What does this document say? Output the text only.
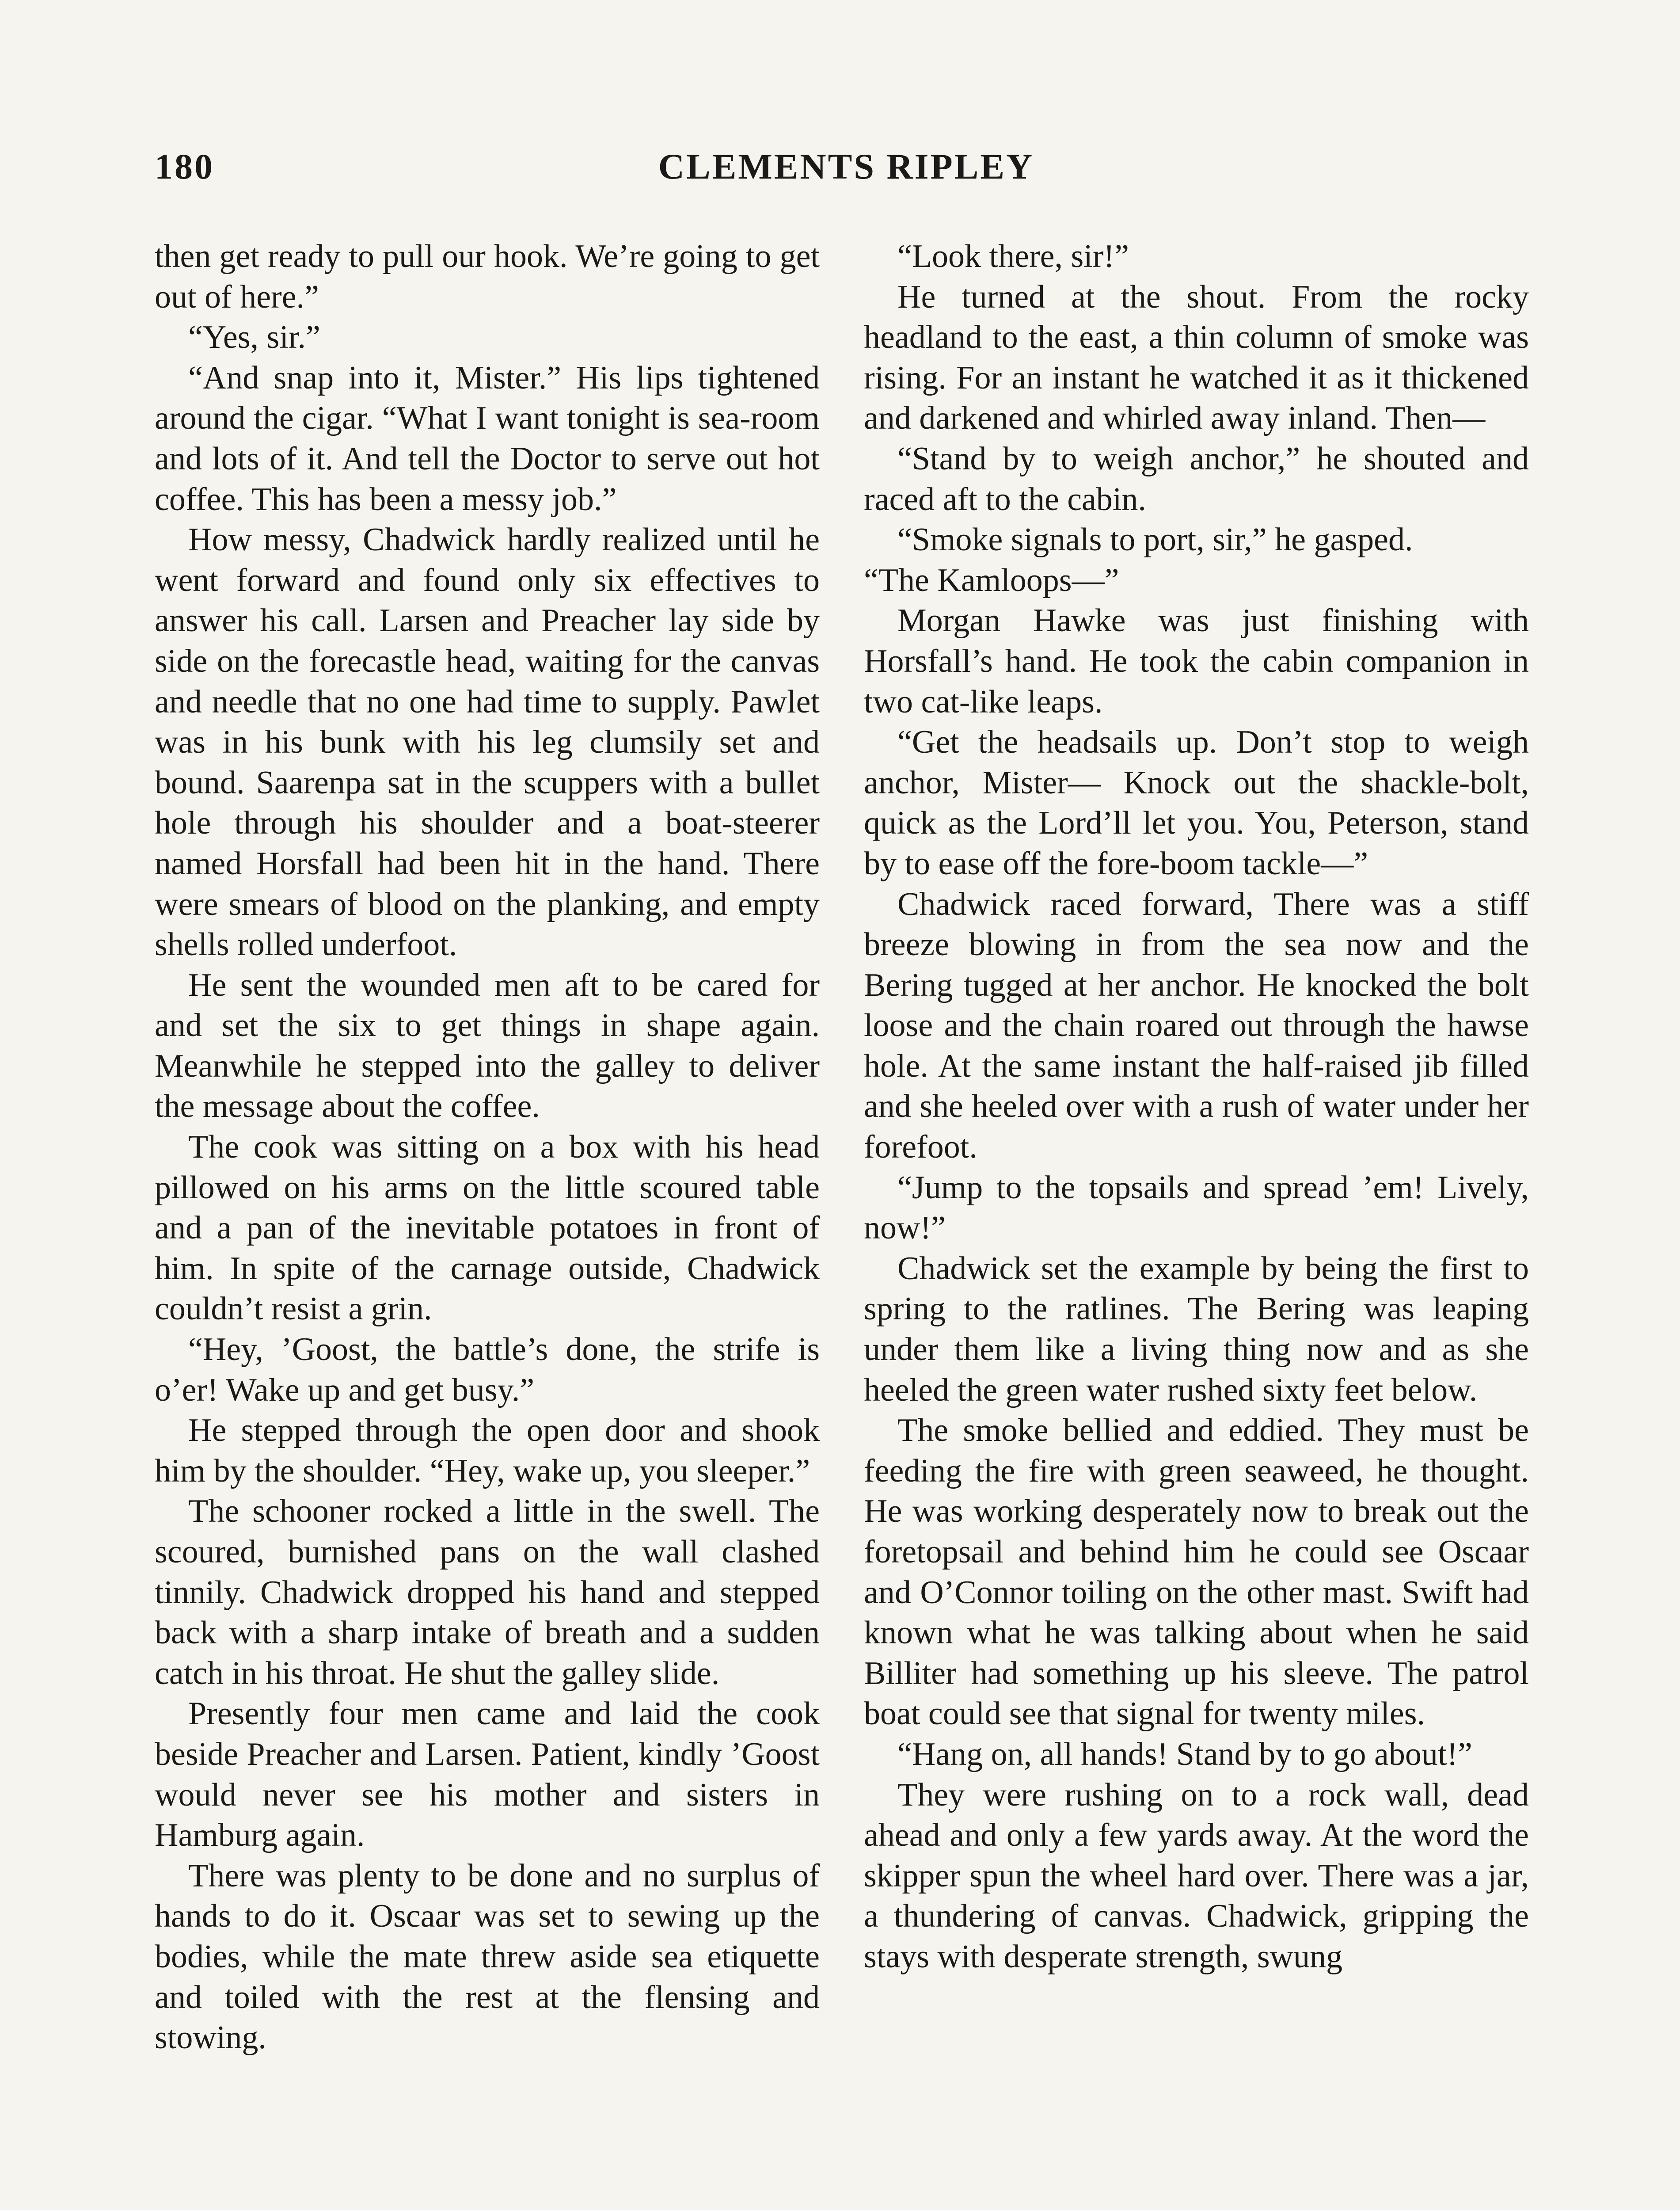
180	CLEMENTS RIPLEY

then get ready to pull our hook. We’re going to get out of here.”

“Yes, sir.”

“And snap into it, Mister.” His lips tightened around the cigar. “What I want tonight is sea-room and lots of it. And tell the Doctor to serve out hot coffee. This has been a messy job.”

How messy, Chadwick hardly realized until he went forward and found only six effectives to answer his call. Larsen and Preacher lay side by side on the forecastle head, waiting for the canvas and needle that no one had time to supply. Pawlet was in his bunk with his leg clumsily set and bound. Saarenpa sat in the scuppers with a bullet hole through his shoulder and a boat-steerer named Horsfall had been hit in the hand. There were smears of blood on the planking, and empty shells rolled underfoot.

He sent the wounded men aft to be cared for and set the six to get things in shape again. Meanwhile he stepped into the galley to deliver the message about the coffee.

The cook was sitting on a box with his head pillowed on his arms on the little scoured table and a pan of the inevitable potatoes in front of him. In spite of the carnage outside, Chadwick couldn’t resist a grin.

“Hey, ’Goost, the battle’s done, the strife is o’er! Wake up and get busy.”

He stepped through the open door and shook him by the shoulder. “Hey, wake up, you sleeper.”

The schooner rocked a little in the swell. The scoured, burnished pans on the wall clashed tinnily. Chadwick dropped his hand and stepped back with a sharp intake of breath and a sudden catch in his throat. He shut the galley slide.

Presently four men came and laid the cook beside Preacher and Larsen. Patient, kindly ’Goost would never see his mother and sisters in Hamburg again.

There was plenty to be done and no surplus of hands to do it. Oscaar was set to sewing up the bodies, while the mate threw aside sea etiquette and toiled with the rest at the flensing and stowing.

“Look there, sir!”

He turned at the shout. From the rocky headland to the east, a thin column of smoke was rising. For an instant he watched it as it thickened and darkened and whirled away inland. Then—

“Stand by to weigh anchor,” he shouted and raced aft to the cabin.

“Smoke signals to port, sir,” he gasped.

“The Kamloops—”

Morgan Hawke was just finishing with Horsfall’s hand. He took the cabin companion in two cat-like leaps.

“Get the headsails up. Don’t stop to weigh anchor, Mister— Knock out the shackle-bolt, quick as the Lord’ll let you. You, Peterson, stand by to ease off the fore-boom tackle—”

Chadwick raced forward, There was a stiff breeze blowing in from the sea now and the Bering tugged at her anchor. He knocked the bolt loose and the chain roared out through the hawse hole. At the same instant the half-raised jib filled and she heeled over with a rush of water under her forefoot.

“Jump to the topsails and spread ’em! Lively, now!”

Chadwick set the example by being the first to spring to the ratlines. The Bering was leaping under them like a living thing now and as she heeled the green water rushed sixty feet below.

The smoke bellied and eddied. They must be feeding the fire with green seaweed, he thought. He was working desperately now to break out the foretopsail and behind him he could see Oscaar and O’Connor toiling on the other mast. Swift had known what he was talking about when he said Billiter had something up his sleeve. The patrol boat could see that signal for twenty miles.

“Hang on, all hands! Stand by to go about!”

They were rushing on to a rock wall, dead ahead and only a few yards away. At the word the skipper spun the wheel hard over. There was a jar, a thundering of canvas. Chadwick, gripping the stays with desperate strength, swung
